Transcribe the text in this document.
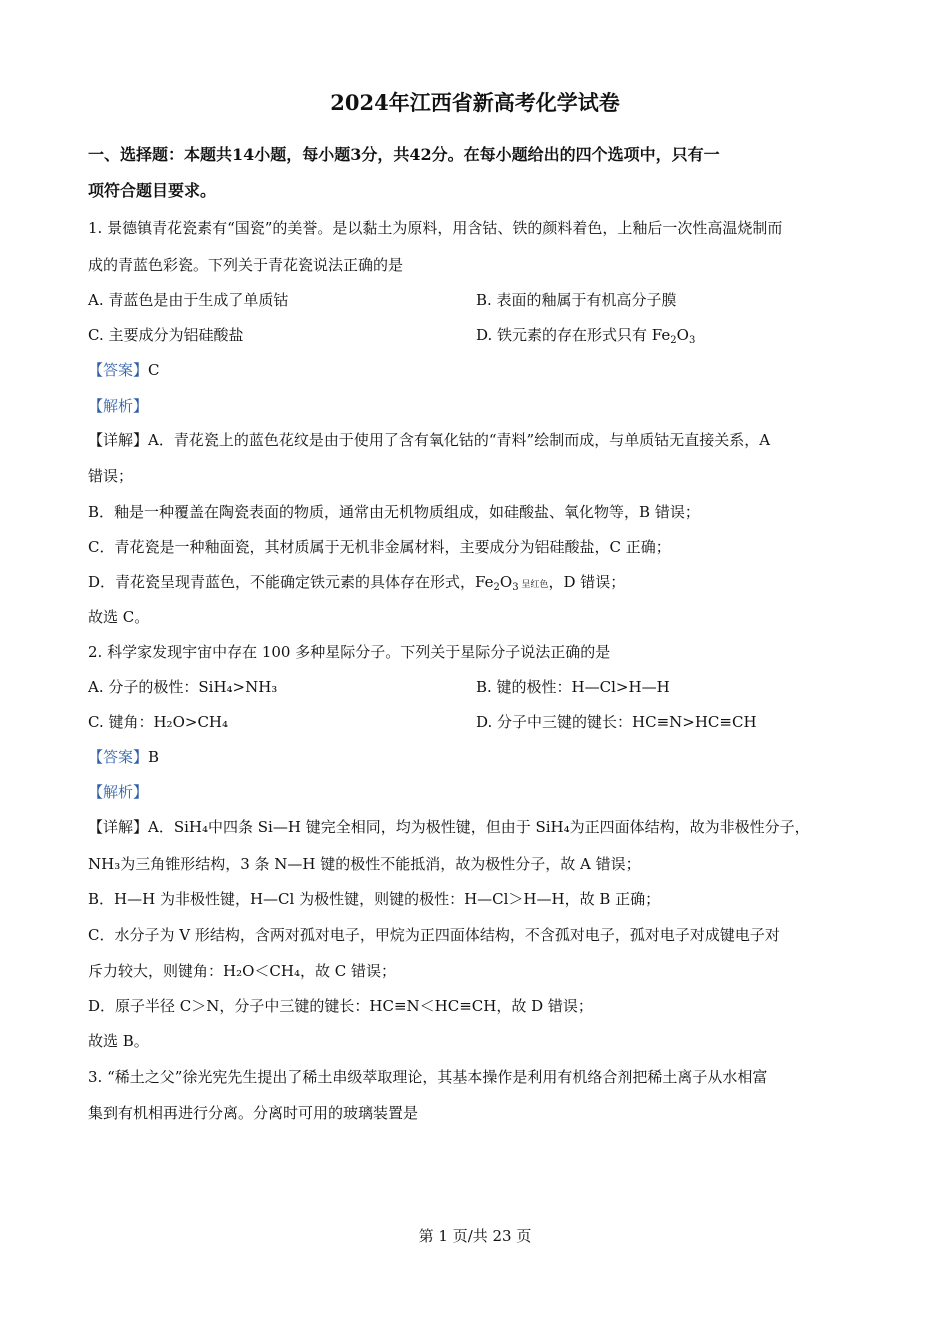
2024年江西省新高考化学试卷
一、选择题：本题共14小题，每小题3分，共42分。在每小题给出的四个选项中，只有一
项符合题目要求。
1. 景德镇青花瓷素有“国瓷”的美誉。是以黏土为原料，用含钴、铁的颜料着色，上釉后一次性高温烧制而
成的青蓝色彩瓷。下列关于青花瓷说法正确的是
A. 青蓝色是由于生成了单质钴	B. 表面的釉属于有机高分子膜
C. 主要成分为铝硅酸盐	D. 铁元素的存在形式只有 $Fe_2O_3$
【答案】C
【解析】
【详解】A．青花瓷上的蓝色花纹是由于使用了含有氧化钴的“青料”绘制而成，与单质钴无直接关系，A
错误；
B．釉是一种覆盖在陶瓷表面的物质，通常由无机物质组成，如硅酸盐、氧化物等，B 错误；
C．青花瓷是一种釉面瓷，其材质属于无机非金属材料，主要成分为铝硅酸盐，C 正确；
D．青花瓷呈现青蓝色，不能确定铁元素的具体存在形式，$Fe_2O_3$ 呈红色，D 错误；
故选 C。
2. 科学家发现宇宙中存在 100 多种星际分子。下列关于星际分子说法正确的是
A. 分子的极性：SiH₄>NH₃	B. 键的极性：H—Cl>H—H
C. 键角：H₂O>CH₄	D. 分子中三键的键长：HC≡N>HC≡CH
【答案】B
【解析】
【详解】A．SiH₄中四条 Si—H 键完全相同，均为极性键，但由于 SiH₄为正四面体结构，故为非极性分子，
NH₃为三角锥形结构，3 条 N—H 键的极性不能抵消，故为极性分子，故 A 错误；
B．H—H 为非极性键，H—Cl 为极性键，则键的极性：H—Cl＞H—H，故 B 正确；
C．水分子为 V 形结构，含两对孤对电子，甲烷为正四面体结构，不含孤对电子，孤对电子对成键电子对
斥力较大，则键角：H₂O＜CH₄，故 C 错误；
D．原子半径 C＞N，分子中三键的键长：HC≡N＜HC≡CH，故 D 错误；
故选 B。
3. “稀土之父”徐光宪先生提出了稀土串级萃取理论，其基本操作是利用有机络合剂把稀土离子从水相富
集到有机相再进行分离。分离时可用的玻璃装置是
第 1 页/共 23 页
